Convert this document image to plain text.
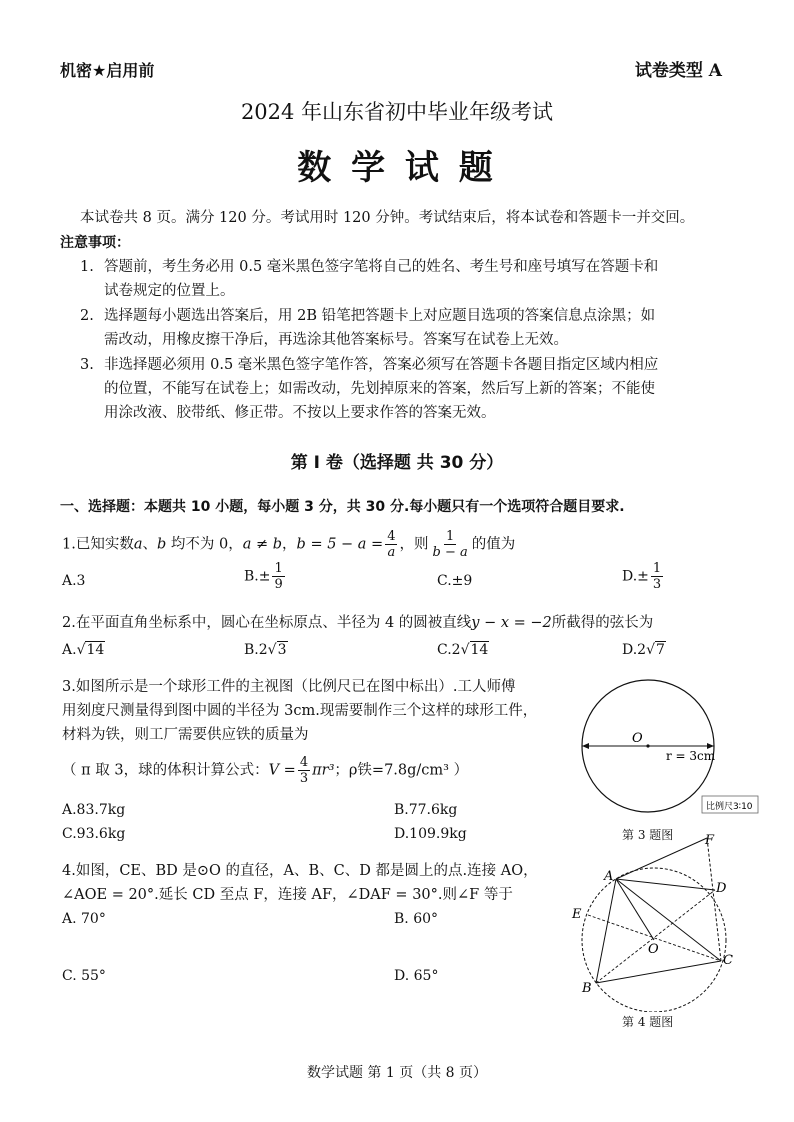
机密★启用前	试卷类型 A
2024 年山东省初中毕业年级考试
数 学 试 题
本试卷共 8 页。满分 120 分。考试用时 120 分钟。考试结束后，将本试卷和答题卡一并交回。
注意事项：
1. 答题前，考生务必用 0.5 毫米黑色签字笔将自己的姓名、考生号和座号填写在答题卡和
试卷规定的位置上。
2. 选择题每小题选出答案后，用 2B 铅笔把答题卡上对应题目选项的答案信息点涂黑；如
需改动，用橡皮擦干净后，再选涂其他答案标号。答案写在试卷上无效。
3. 非选择题必须用 0.5 毫米黑色签字笔作答，答案必须写在答题卡各题目指定区域内相应
的位置，不能写在试卷上；如需改动，先划掉原来的答案，然后写上新的答案；不能使
用涂改液、胶带纸、修正带。不按以上要求作答的答案无效。
第 I 卷（选择题 共 30 分）
一、选择题：本题共 10 小题，每小题 3 分，共 30 分.每小题只有一个选项符合题目要求.
1.已知实数a、b 均不为 0，a ≠ b，$b = 5 - a = \frac{4}{a}$ ，则 $\frac{1}{b - a}$ 的值为
A.3	$B.\pm \frac{1}{9}$	C.±9	$D.\pm \frac{1}{3}$
2.在平面直角坐标系中，圆心在坐标原点、半径为 4 的圆被直线y − x = −2所截得的弦长为
A.√14	B.2√3	C.2√14	D.2√7
3.如图所示是一个球形工件的主视图（比例尺已在图中标出）.工人师傅
用刻度尺测量得到图中圆的半径为 3cm.现需要制作三个这样的球形工件，
材料为铁，则工厂需要供应铁的质量为
（ π 取 3，球的体积计算公式：$V = \frac{4}{3} \pi r^3$；ρ铁=7.8g/cm³ ）
A.83.7kg	B.77.6kg
C.93.6kg	D.109.9kg
O
r = 3cm
比例尺3∶10
第 3 题图
4.如图，CE、BD 是⊙O 的直径，A、B、C、D 都是圆上的点.连接 AO，
∠AOE = 20°.延长 CD 至点 F，连接 AF，∠DAF = 30°.则∠F 等于
A. 70°	B. 60°
C. 55°	D. 65°
F
A
D
E
O
C
B
第 4 题图
数学试题 第 1 页（共 8 页）
